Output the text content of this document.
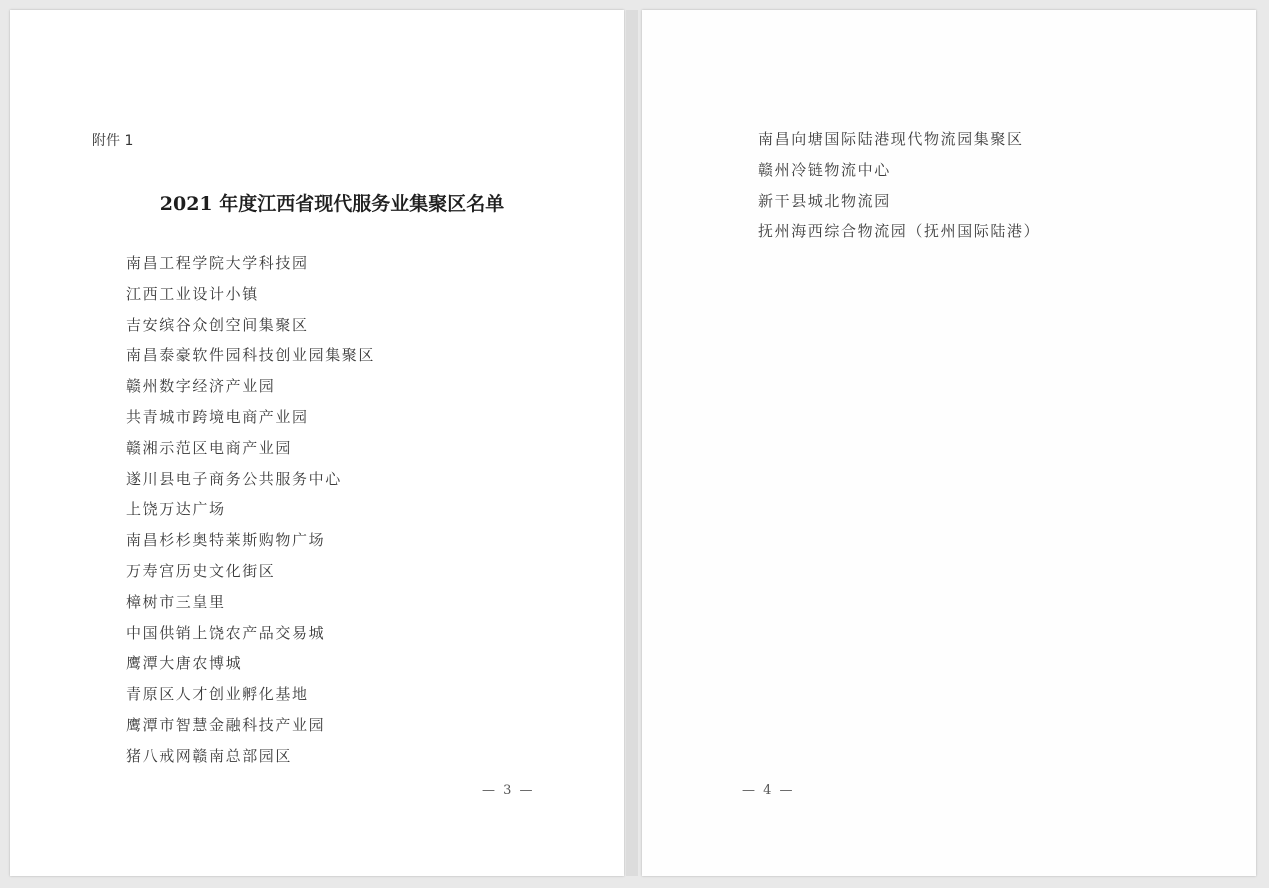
附件 1
2021 年度江西省现代服务业集聚区名单
南昌工程学院大学科技园
江西工业设计小镇
吉安缤谷众创空间集聚区
南昌泰豪软件园科技创业园集聚区
赣州数字经济产业园
共青城市跨境电商产业园
赣湘示范区电商产业园
遂川县电子商务公共服务中心
上饶万达广场
南昌杉杉奥特莱斯购物广场
万寿宫历史文化街区
樟树市三皇里
中国供销上饶农产品交易城
鹰潭大唐农博城
青原区人才创业孵化基地
鹰潭市智慧金融科技产业园
猪八戒网赣南总部园区
— 3 —
南昌向塘国际陆港现代物流园集聚区
赣州冷链物流中心
新干县城北物流园
抚州海西综合物流园（抚州国际陆港）
— 4 —
